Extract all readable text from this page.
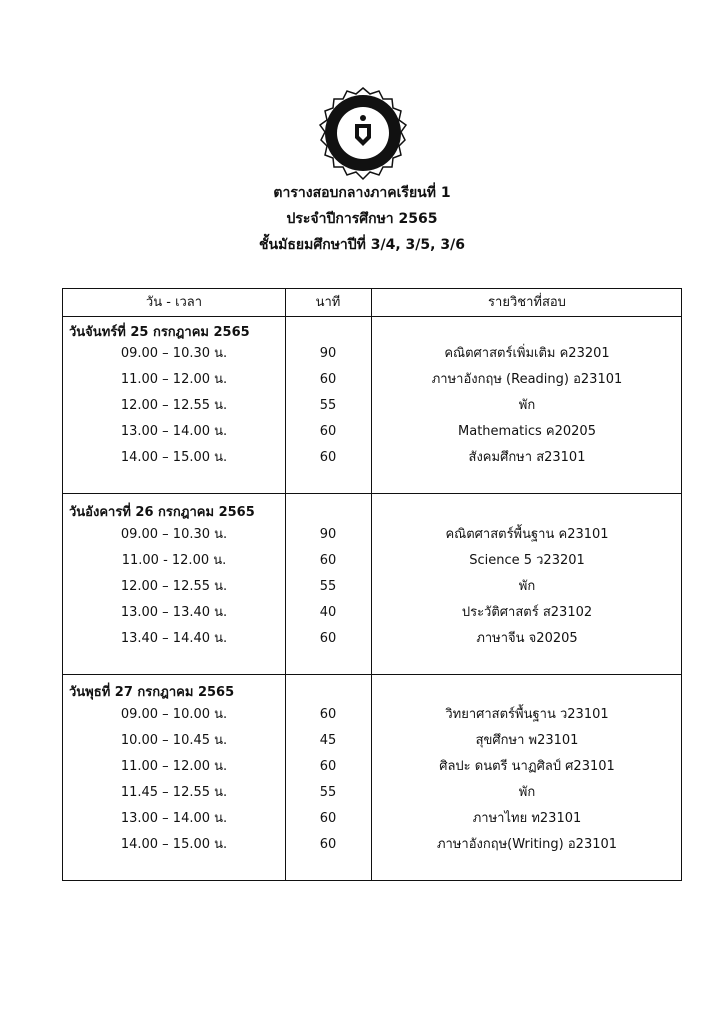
ตารางสอบกลางภาคเรียนที่ 1
ประจำปีการศึกษา 2565
ชั้นมัธยมศึกษาปีที่ 3/4, 3/5, 3/6
วัน - เวลา	นาที	รายวิชาที่สอบ
วันจันทร์ที่ 25 กรกฎาคม 2565
09.00 – 10.30 น.	90	คณิตศาสตร์เพิ่มเติม ค23201
11.00 – 12.00 น.	60	ภาษาอังกฤษ (Reading) อ23101
12.00 – 12.55 น.	55	พัก
13.00 – 14.00 น.	60	Mathematics ค20205
14.00 – 15.00 น.	60	สังคมศึกษา ส23101
วันอังคารที่ 26 กรกฎาคม 2565
09.00 – 10.30 น.	90	คณิตศาสตร์พื้นฐาน ค23101
11.00 - 12.00 น.	60	Science 5 ว23201
12.00 – 12.55 น.	55	พัก
13.00 – 13.40 น.	40	ประวัติศาสตร์ ส23102
13.40 – 14.40 น.	60	ภาษาจีน จ20205
วันพุธที่ 27 กรกฎาคม 2565
09.00 – 10.00 น.	60	วิทยาศาสตร์พื้นฐาน ว23101
10.00 – 10.45 น.	45	สุขศึกษา พ23101
11.00 – 12.00 น.	60	ศิลปะ ดนตรี นาฏศิลป์ ศ23101
11.45 – 12.55 น.	55	พัก
13.00 – 14.00 น.	60	ภาษาไทย ท23101
14.00 – 15.00 น.	60	ภาษาอังกฤษ(Writing) อ23101
